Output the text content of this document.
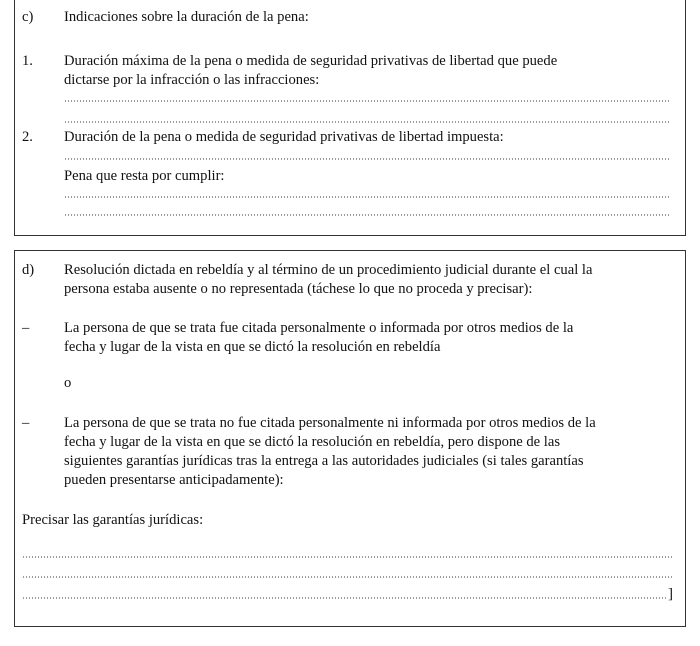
c) Indicaciones sobre la duración de la pena:
1. Duración máxima de la pena o medida de seguridad privativas de libertad que puede
dictarse por la infracción o las infracciones:
2. Duración de la pena o medida de seguridad privativas de libertad impuesta:
Pena que resta por cumplir:
d) Resolución dictada en rebeldía y al término de un procedimiento judicial durante el cual la
persona estaba ausente o no representada (táchese lo que no proceda y precisar):
– La persona de que se trata fue citada personalmente o informada por otros medios de la
fecha y lugar de la vista en que se dictó la resolución en rebeldía
o
– La persona de que se trata no fue citada personalmente ni informada por otros medios de la
fecha y lugar de la vista en que se dictó la resolución en rebeldía, pero dispone de las
siguientes garantías jurídicas tras la entrega a las autoridades judiciales (si tales garantías
pueden presentarse anticipadamente):
Precisar las garantías jurídicas:
]
